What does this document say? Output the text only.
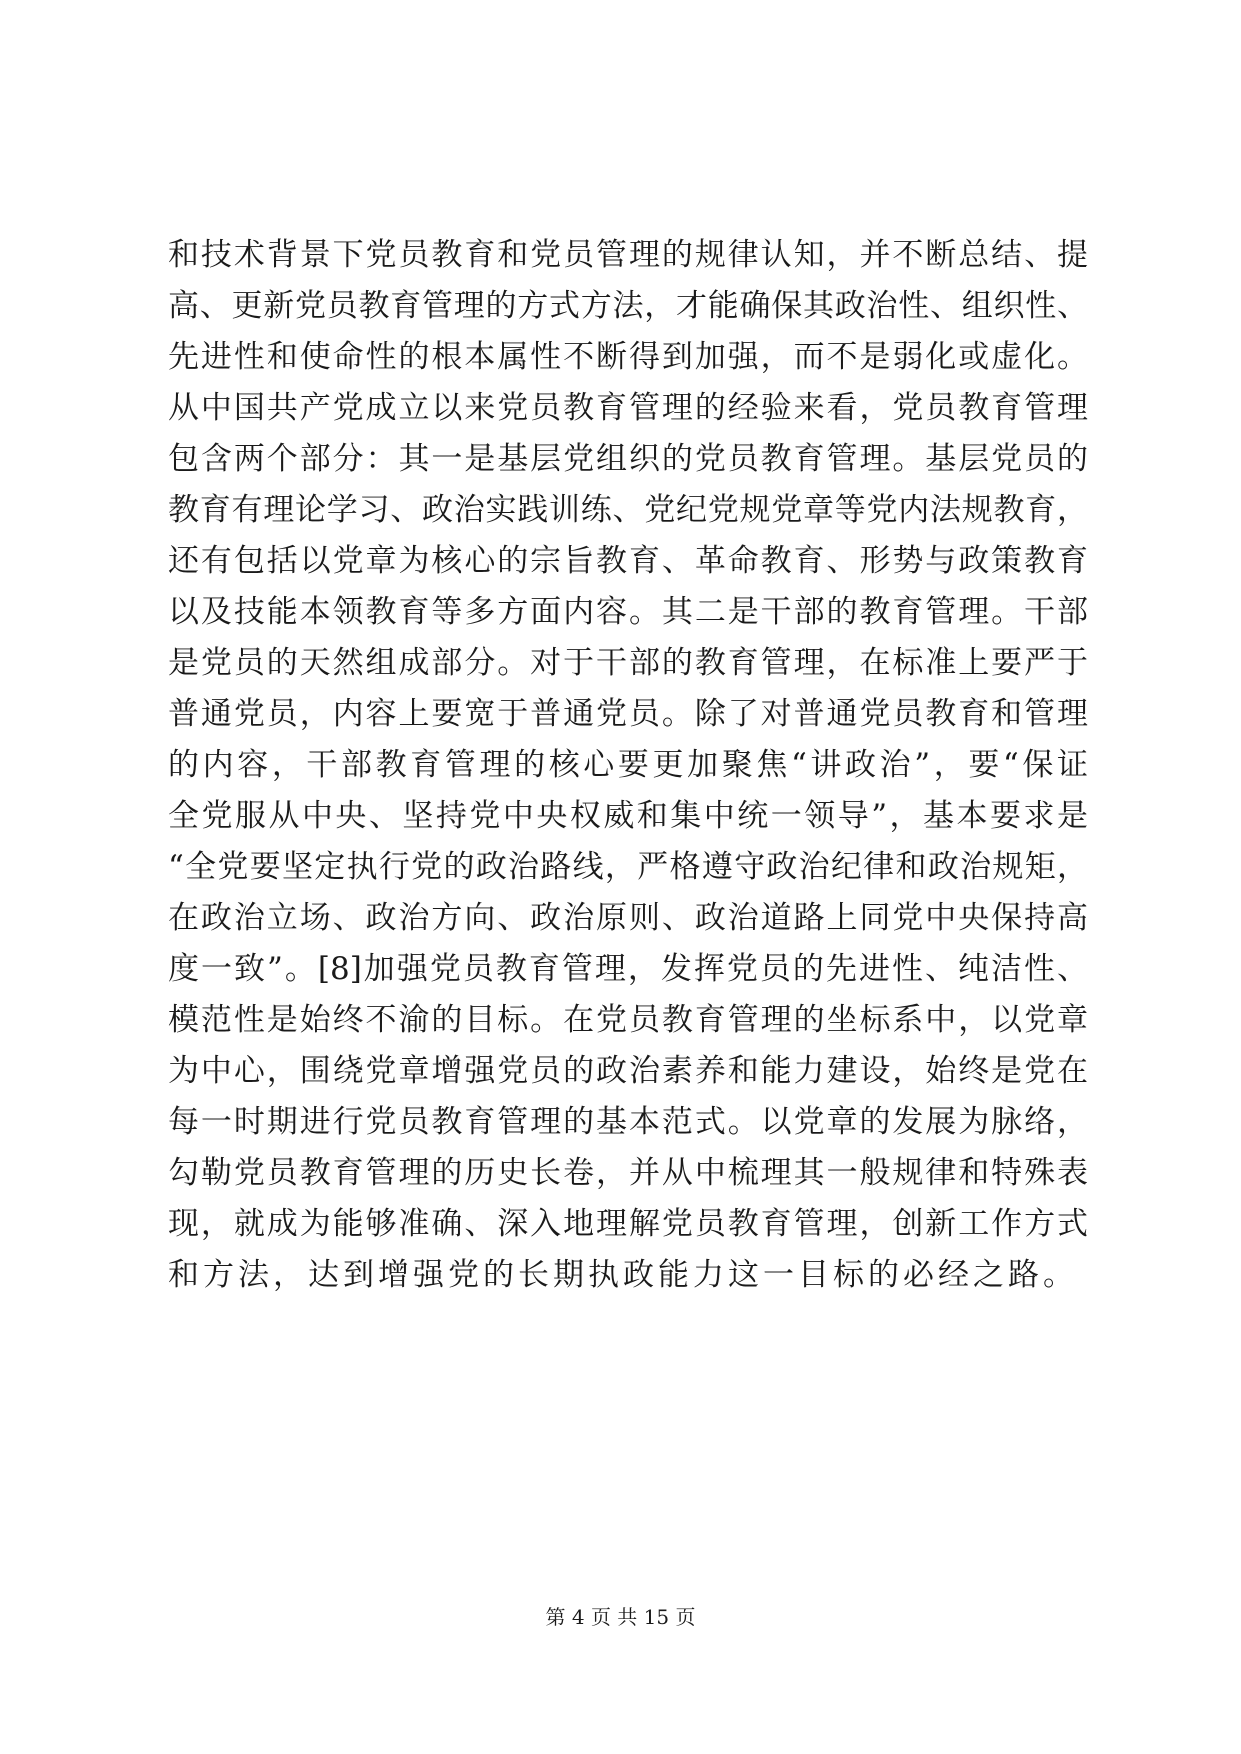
和技术背景下党员教育和党员管理的规律认知，并不断总结、提
高、更新党员教育管理的方式方法，才能确保其政治性、组织性、
先进性和使命性的根本属性不断得到加强，而不是弱化或虚化。
从中国共产党成立以来党员教育管理的经验来看，党员教育管理
包含两个部分：其一是基层党组织的党员教育管理。基层党员的
教育有理论学习、政治实践训练、党纪党规党章等党内法规教育，
还有包括以党章为核心的宗旨教育、革命教育、形势与政策教育
以及技能本领教育等多方面内容。其二是干部的教育管理。干部
是党员的天然组成部分。对于干部的教育管理，在标准上要严于
普通党员，内容上要宽于普通党员。除了对普通党员教育和管理
的内容，干部教育管理的核心要更加聚焦“讲政治”，要“保证
全党服从中央、坚持党中央权威和集中统一领导”，基本要求是
“全党要坚定执行党的政治路线，严格遵守政治纪律和政治规矩，
在政治立场、政治方向、政治原则、政治道路上同党中央保持高
度一致”。[8]加强党员教育管理，发挥党员的先进性、纯洁性、
模范性是始终不渝的目标。在党员教育管理的坐标系中，以党章
为中心，围绕党章增强党员的政治素养和能力建设，始终是党在
每一时期进行党员教育管理的基本范式。以党章的发展为脉络，
勾勒党员教育管理的历史长卷，并从中梳理其一般规律和特殊表
现，就成为能够准确、深入地理解党员教育管理，创新工作方式
和方法，达到增强党的长期执政能力这一目标的必经之路。
第 4 页 共 15 页
